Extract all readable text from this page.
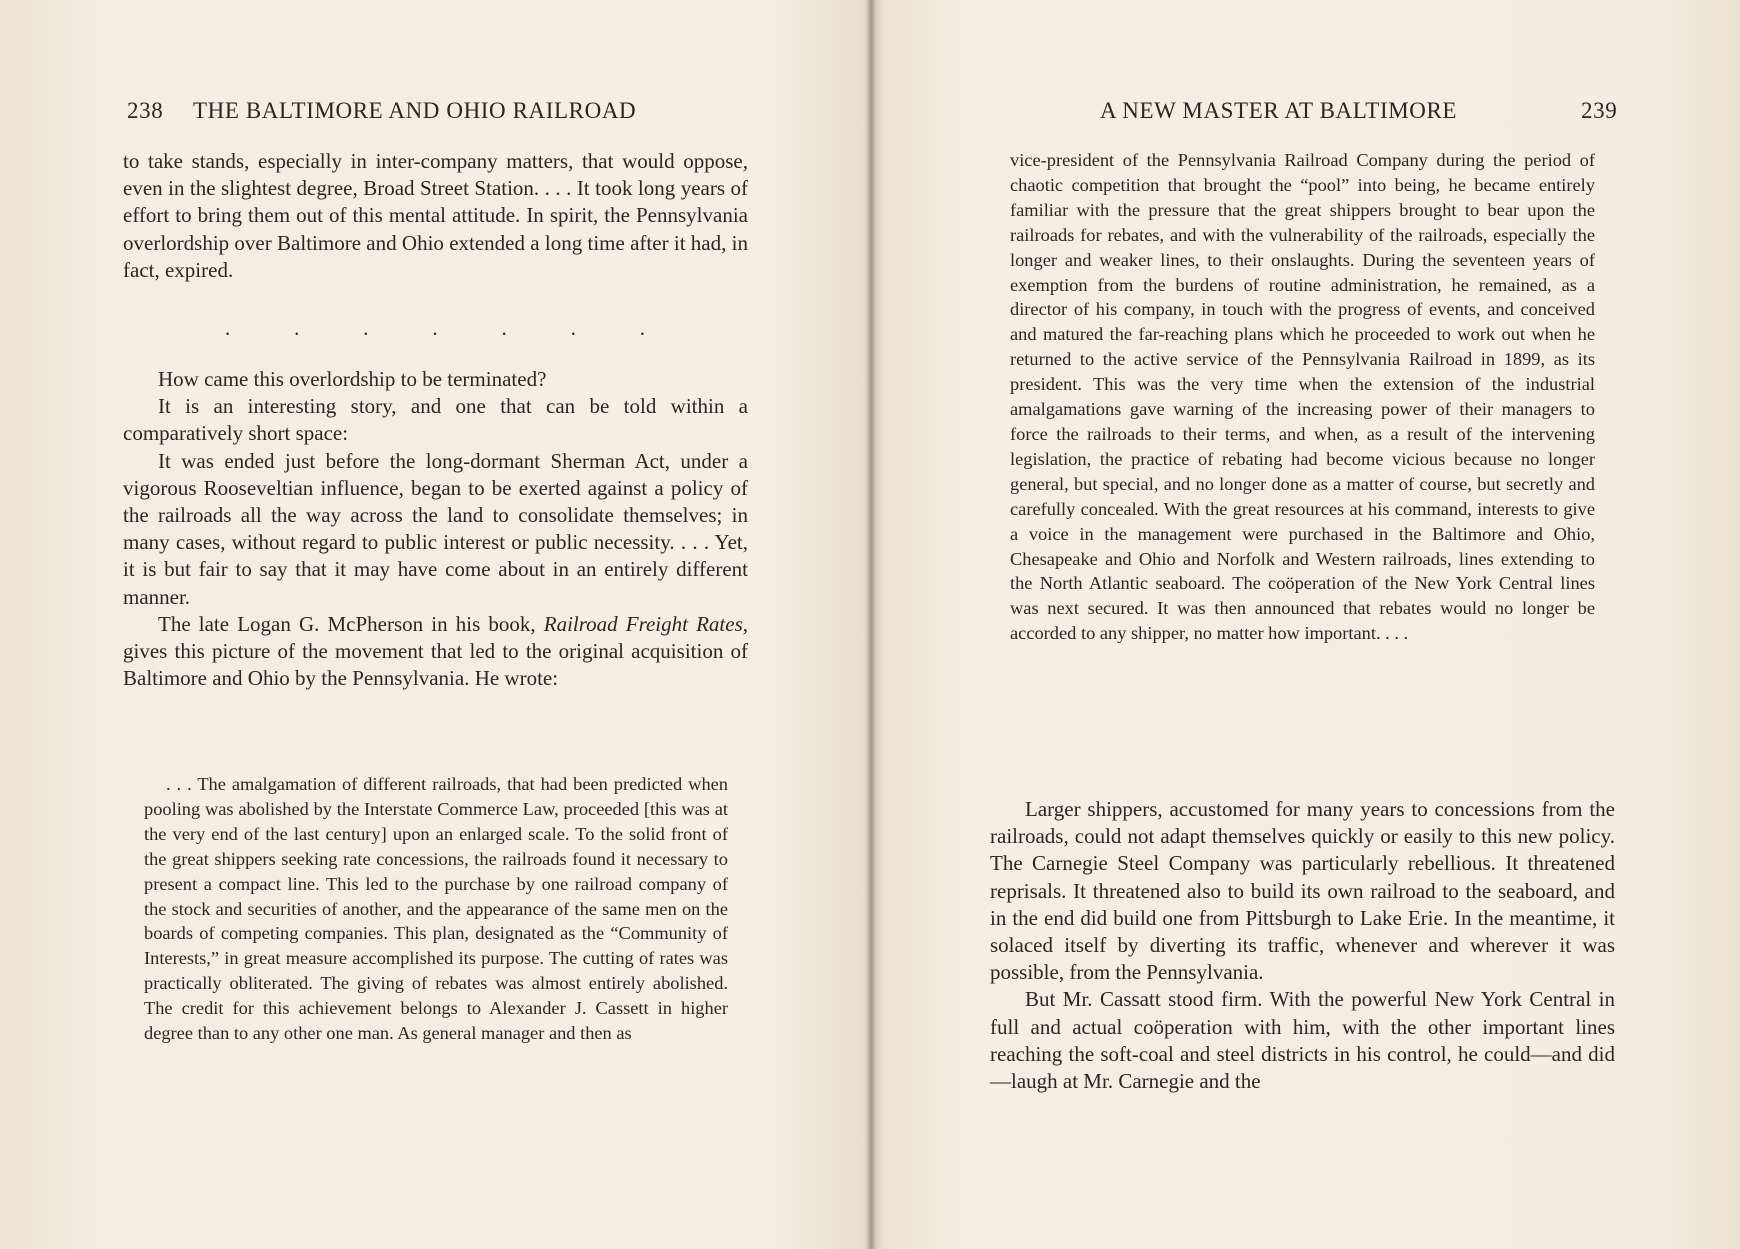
238 THE BALTIMORE AND OHIO RAILROAD

to take stands, especially in inter-company matters, that would oppose, even in the slightest degree, Broad Street Station. . . . It took long years of effort to bring them out of this mental attitude. In spirit, the Pennsylvania overlordship over Baltimore and Ohio extended a long time after it had, in fact, expired.

.	.	.	.	.	.	.

How came this overlordship to be terminated?

It is an interesting story, and one that can be told within a comparatively short space:

It was ended just before the long-dormant Sherman Act, under a vigorous Rooseveltian influence, began to be exerted against a policy of the railroads all the way across the land to consolidate themselves; in many cases, without regard to public interest or public necessity. . . . Yet, it is but fair to say that it may have come about in an entirely different manner.

The late Logan G. McPherson in his book, Railroad Freight Rates, gives this picture of the movement that led to the original acquisition of Baltimore and Ohio by the Pennsylvania. He wrote:

. . . The amalgamation of different railroads, that had been predicted when pooling was abolished by the Interstate Commerce Law, proceeded [this was at the very end of the last century] upon an enlarged scale. To the solid front of the great shippers seeking rate concessions, the railroads found it necessary to present a compact line. This led to the purchase by one railroad company of the stock and securities of another, and the appearance of the same men on the boards of competing companies. This plan, designated as the “Community of Interests,” in great measure accomplished its purpose. The cutting of rates was practically obliterated. The giving of rebates was almost entirely abolished. The credit for this achievement belongs to Alexander J. Cassett in higher degree than to any other one man. As general manager and then as

A NEW MASTER AT BALTIMORE	239

vice-president of the Pennsylvania Railroad Company during the period of chaotic competition that brought the “pool” into being, he became entirely familiar with the pressure that the great shippers brought to bear upon the railroads for rebates, and with the vulnerability of the railroads, especially the longer and weaker lines, to their onslaughts. During the seventeen years of exemption from the burdens of routine administration, he remained, as a director of his company, in touch with the progress of events, and conceived and matured the far-reaching plans which he proceeded to work out when he returned to the active service of the Pennsylvania Railroad in 1899, as its president. This was the very time when the extension of the industrial amalgamations gave warning of the increasing power of their managers to force the railroads to their terms, and when, as a result of the intervening legislation, the practice of rebating had become vicious because no longer general, but special, and no longer done as a matter of course, but secretly and carefully concealed. With the great resources at his command, interests to give a voice in the management were purchased in the Baltimore and Ohio, Chesapeake and Ohio and Norfolk and Western railroads, lines extending to the North Atlantic seaboard. The coöperation of the New York Central lines was next secured. It was then announced that rebates would no longer be accorded to any shipper, no matter how important. . . .

Larger shippers, accustomed for many years to concessions from the railroads, could not adapt themselves quickly or easily to this new policy. The Carnegie Steel Company was particularly rebellious. It threatened reprisals. It threatened also to build its own railroad to the seaboard, and in the end did build one from Pittsburgh to Lake Erie. In the meantime, it solaced itself by diverting its traffic, whenever and wherever it was possible, from the Pennsylvania.

But Mr. Cassatt stood firm. With the powerful New York Central in full and actual coöperation with him, with the other important lines reaching the soft-coal and steel districts in his control, he could—and did—laugh at Mr. Carnegie and the
